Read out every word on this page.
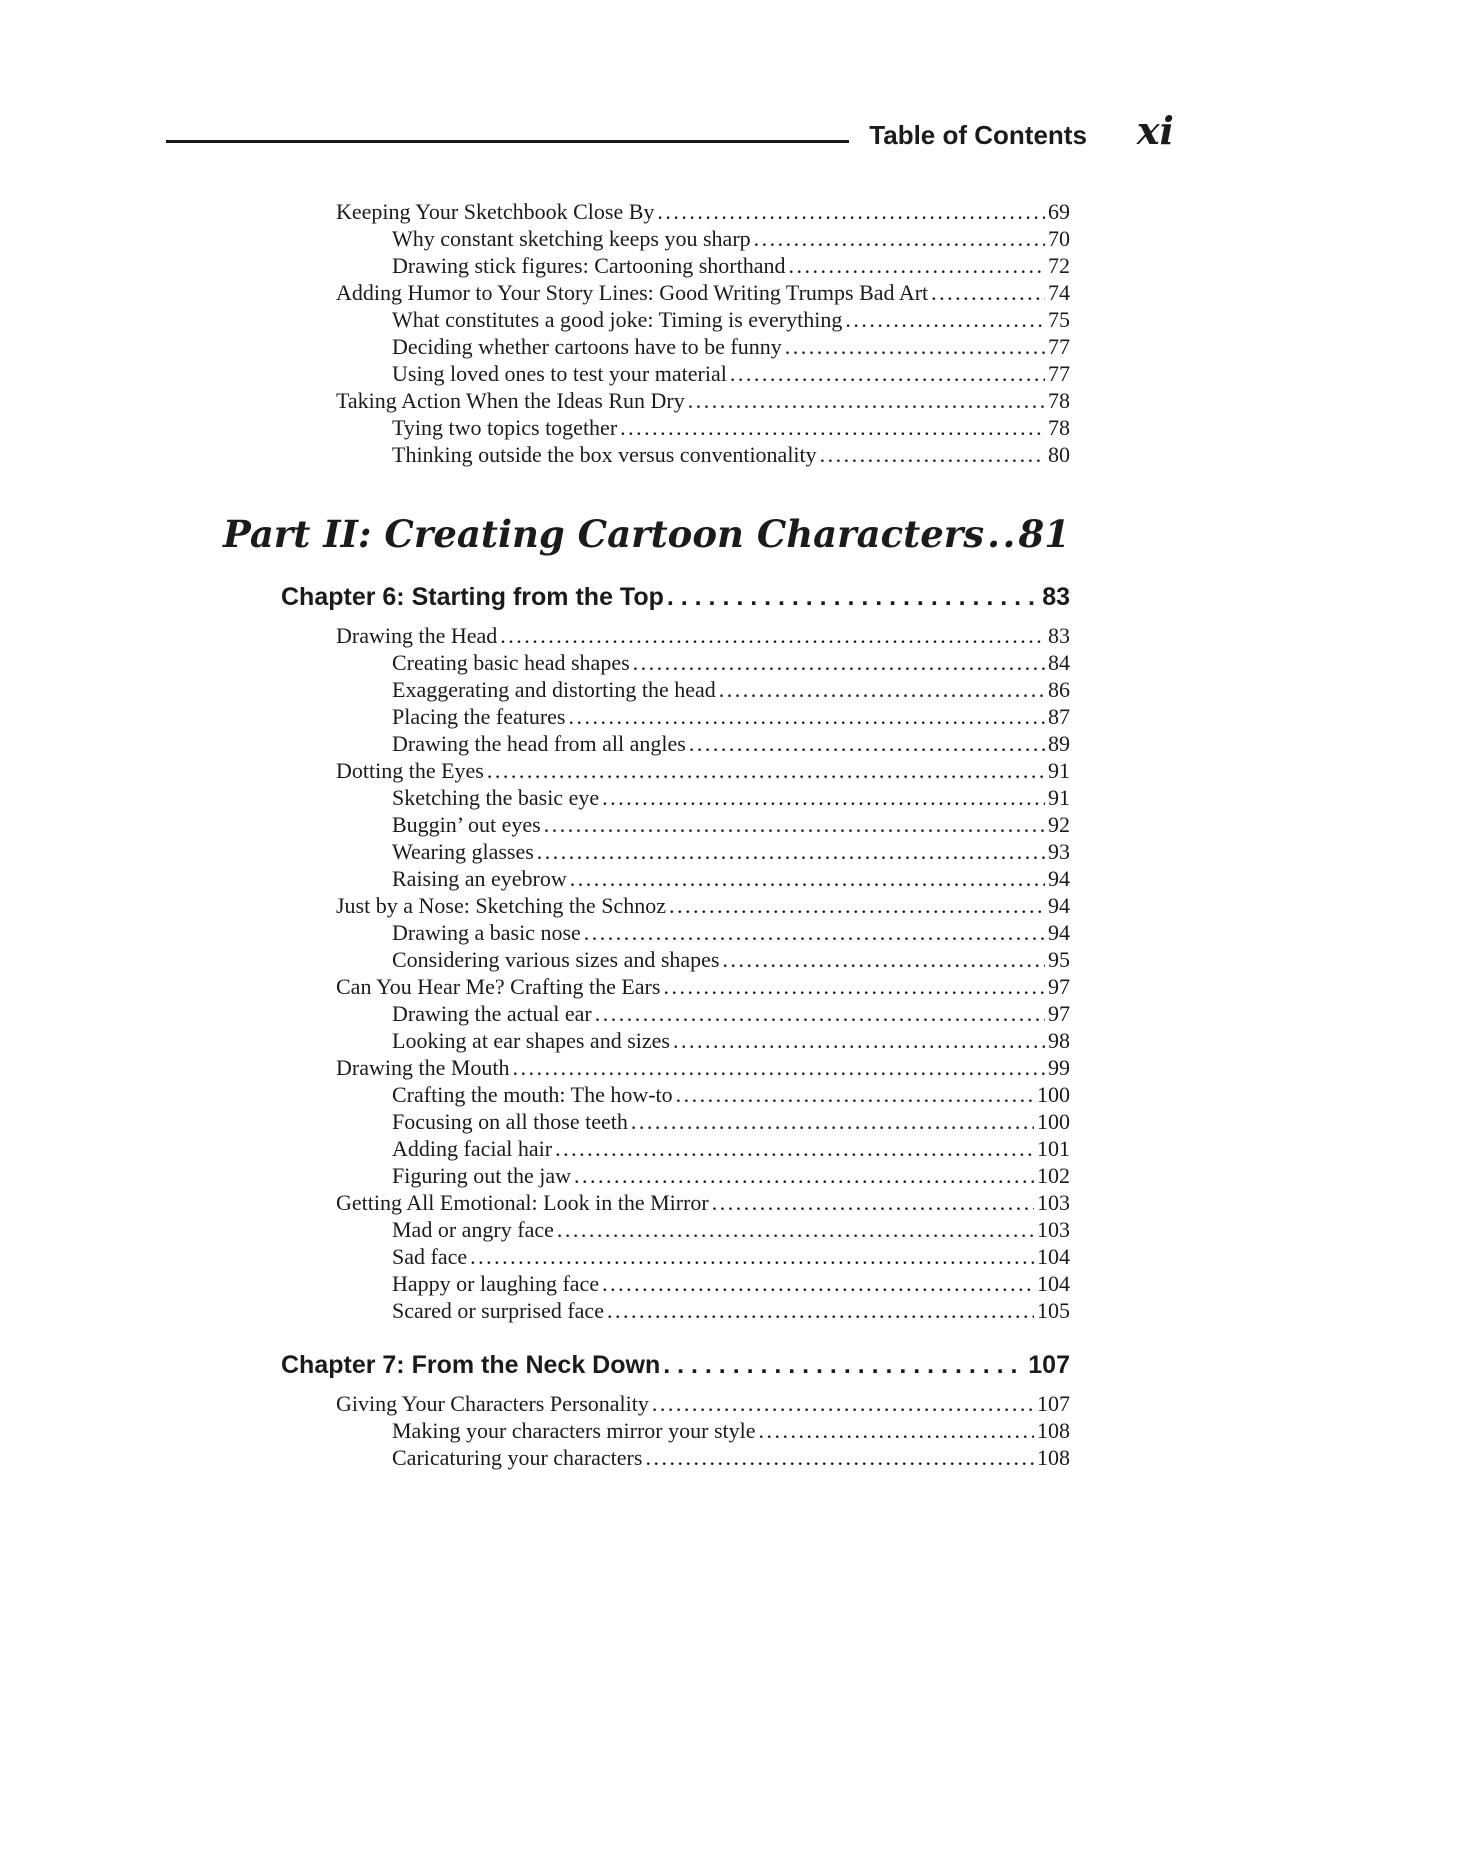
Table of Contents xi
Keeping Your Sketchbook Close By .....	69
Why constant sketching keeps you sharp .....	70
Drawing stick figures: Cartooning shorthand .....	72
Adding Humor to Your Story Lines: Good Writing Trumps Bad Art .....	74
What constitutes a good joke: Timing is everything .....	75
Deciding whether cartoons have to be funny .....	77
Using loved ones to test your material .....	77
Taking Action When the Ideas Run Dry .....	78
Tying two topics together .....	78
Thinking outside the box versus conventionality .....	80
Part II: Creating Cartoon Characters ..... 81
Chapter 6: Starting from the Top . .	83
Drawing the Head .....	83
Creating basic head shapes .....	84
Exaggerating and distorting the head .....	86
Placing the features .....	87
Drawing the head from all angles .....	89
Dotting the Eyes .....	91
Sketching the basic eye .....	91
Buggin’ out eyes .....	92
Wearing glasses .....	93
Raising an eyebrow .....	94
Just by a Nose: Sketching the Schnoz .....	94
Drawing a basic nose .....	94
Considering various sizes and shapes .....	95
Can You Hear Me? Crafting the Ears .....	97
Drawing the actual ear .....	97
Looking at ear shapes and sizes .....	98
Drawing the Mouth .....	99
Crafting the mouth: The how-to .....	100
Focusing on all those teeth .....	100
Adding facial hair .....	101
Figuring out the jaw .....	102
Getting All Emotional: Look in the Mirror .....	103
Mad or angry face .....	103
Sad face .....	104
Happy or laughing face .....	104
Scared or surprised face .....	105
Chapter 7: From the Neck Down . .	107
Giving Your Characters Personality .....	107
Making your characters mirror your style .....	108
Caricaturing your characters .....	108
